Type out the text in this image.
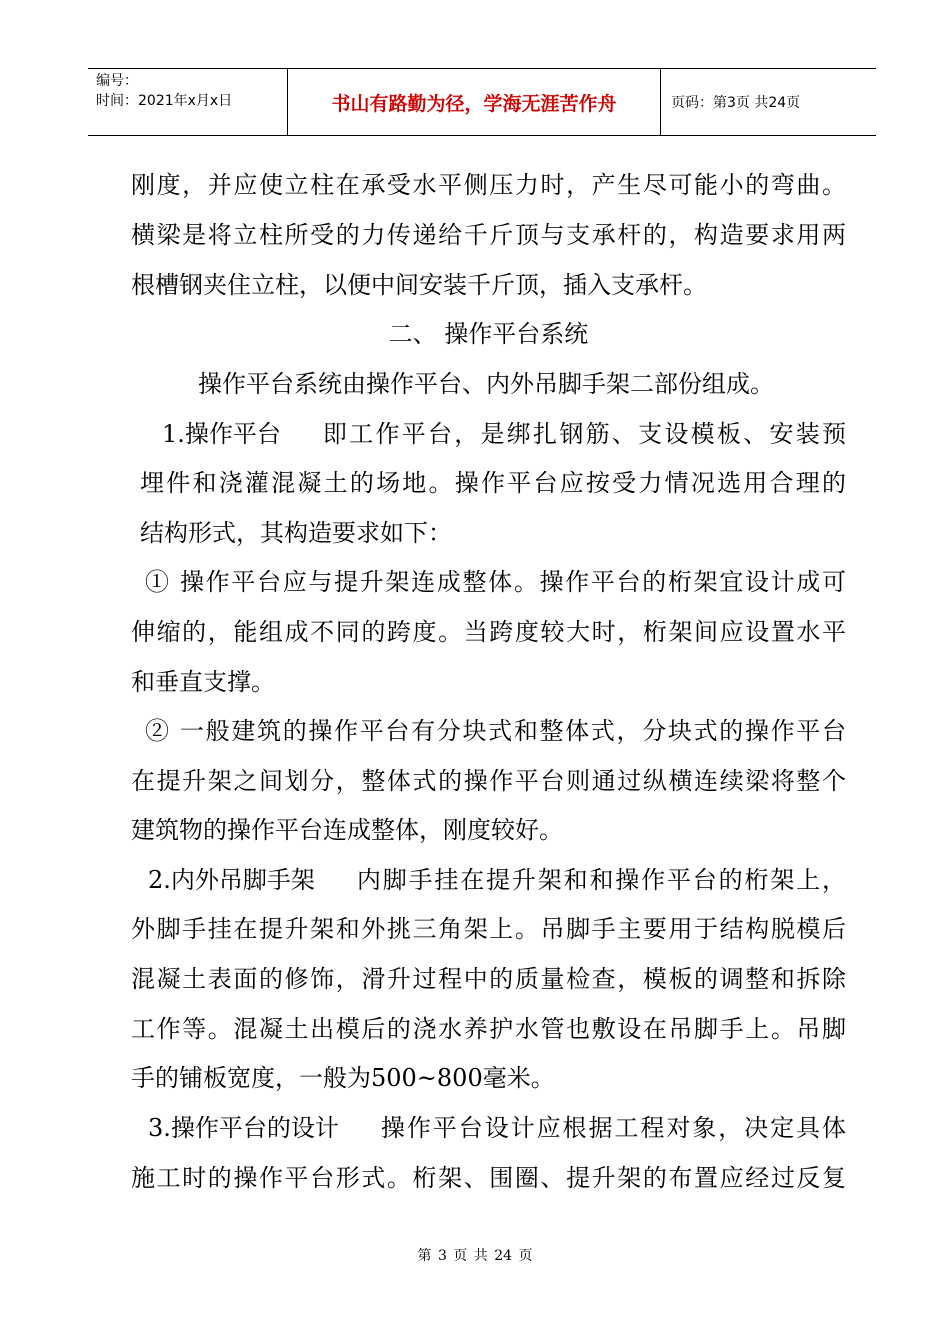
编号：
时间：2021年x月x日	书山有路勤为径，学海无涯苦作舟	页码：第3页 共24页
刚度，并应使立柱在承受水平侧压力时，产生尽可能小的弯曲。
横梁是将立柱所受的力传递给千斤顶与支承杆的，构造要求用两
根槽钢夹住立柱，以便中间安装千斤顶，插入支承杆。
二、 操作平台系统
操作平台系统由操作平台、内外吊脚手架二部份组成。
1.操作平台 即工作平台，是绑扎钢筋、支设模板、安装预
埋件和浇灌混凝土的场地。操作平台应按受力情况选用合理的
结构形式，其构造要求如下：
① 操作平台应与提升架连成整体。操作平台的桁架宜设计成可
伸缩的，能组成不同的跨度。当跨度较大时，桁架间应设置水平
和垂直支撑。
② 一般建筑的操作平台有分块式和整体式，分块式的操作平台
在提升架之间划分，整体式的操作平台则通过纵横连续梁将整个
建筑物的操作平台连成整体，刚度较好。
2.内外吊脚手架 内脚手挂在提升架和和操作平台的桁架上，
外脚手挂在提升架和外挑三角架上。吊脚手主要用于结构脱模后
混凝土表面的修饰，滑升过程中的质量检查，模板的调整和拆除
工作等。混凝土出模后的浇水养护水管也敷设在吊脚手上。吊脚
手的铺板宽度，一般为500~800毫米。
3.操作平台的设计 操作平台设计应根据工程对象，决定具体
施工时的操作平台形式。桁架、围圈、提升架的布置应经过反复
第 3 页 共 24 页
